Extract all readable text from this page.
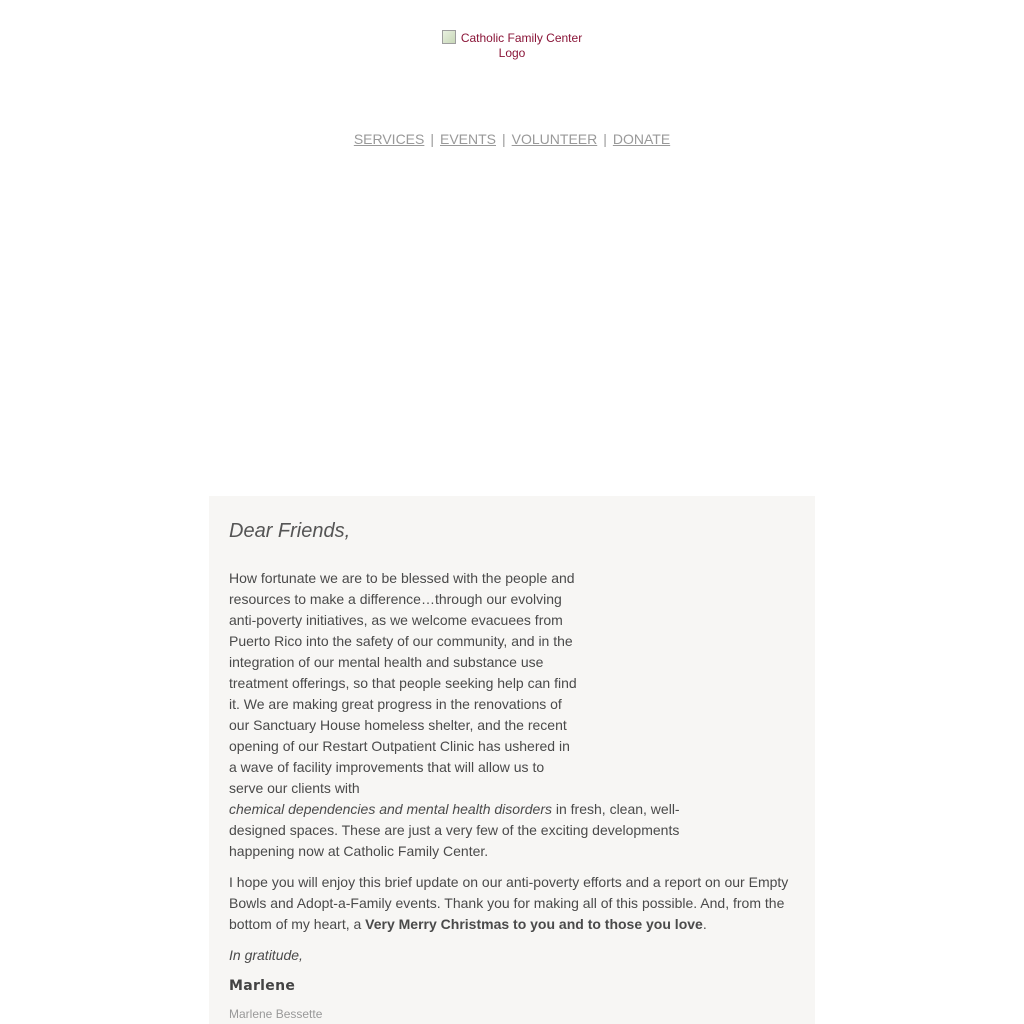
Catholic Family Center Logo
SERVICES | EVENTS | VOLUNTEER | DONATE
Dear Friends,

How fortunate we are to be blessed with the people and resources to make a difference…through our evolving anti-poverty initiatives, as we welcome evacuees from Puerto Rico into the safety of our community, and in the integration of our mental health and substance use treatment offerings, so that people seeking help can find it. We are making great progress in the renovations of our Sanctuary House homeless shelter, and the recent opening of our Restart Outpatient Clinic has ushered in a wave of facility improvements that will allow us to serve our clients with

chemical dependencies and mental health disorders in fresh, clean, well-designed spaces. These are just a very few of the exciting developments happening now at Catholic Family Center.

I hope you will enjoy this brief update on our anti-poverty efforts and a report on our Empty Bowls and Adopt-a-Family events. Thank you for making all of this possible. And, from the bottom of my heart, a Very Merry Christmas to you and to those you love.

In gratitude,
Marlene
Marlene Bessette
